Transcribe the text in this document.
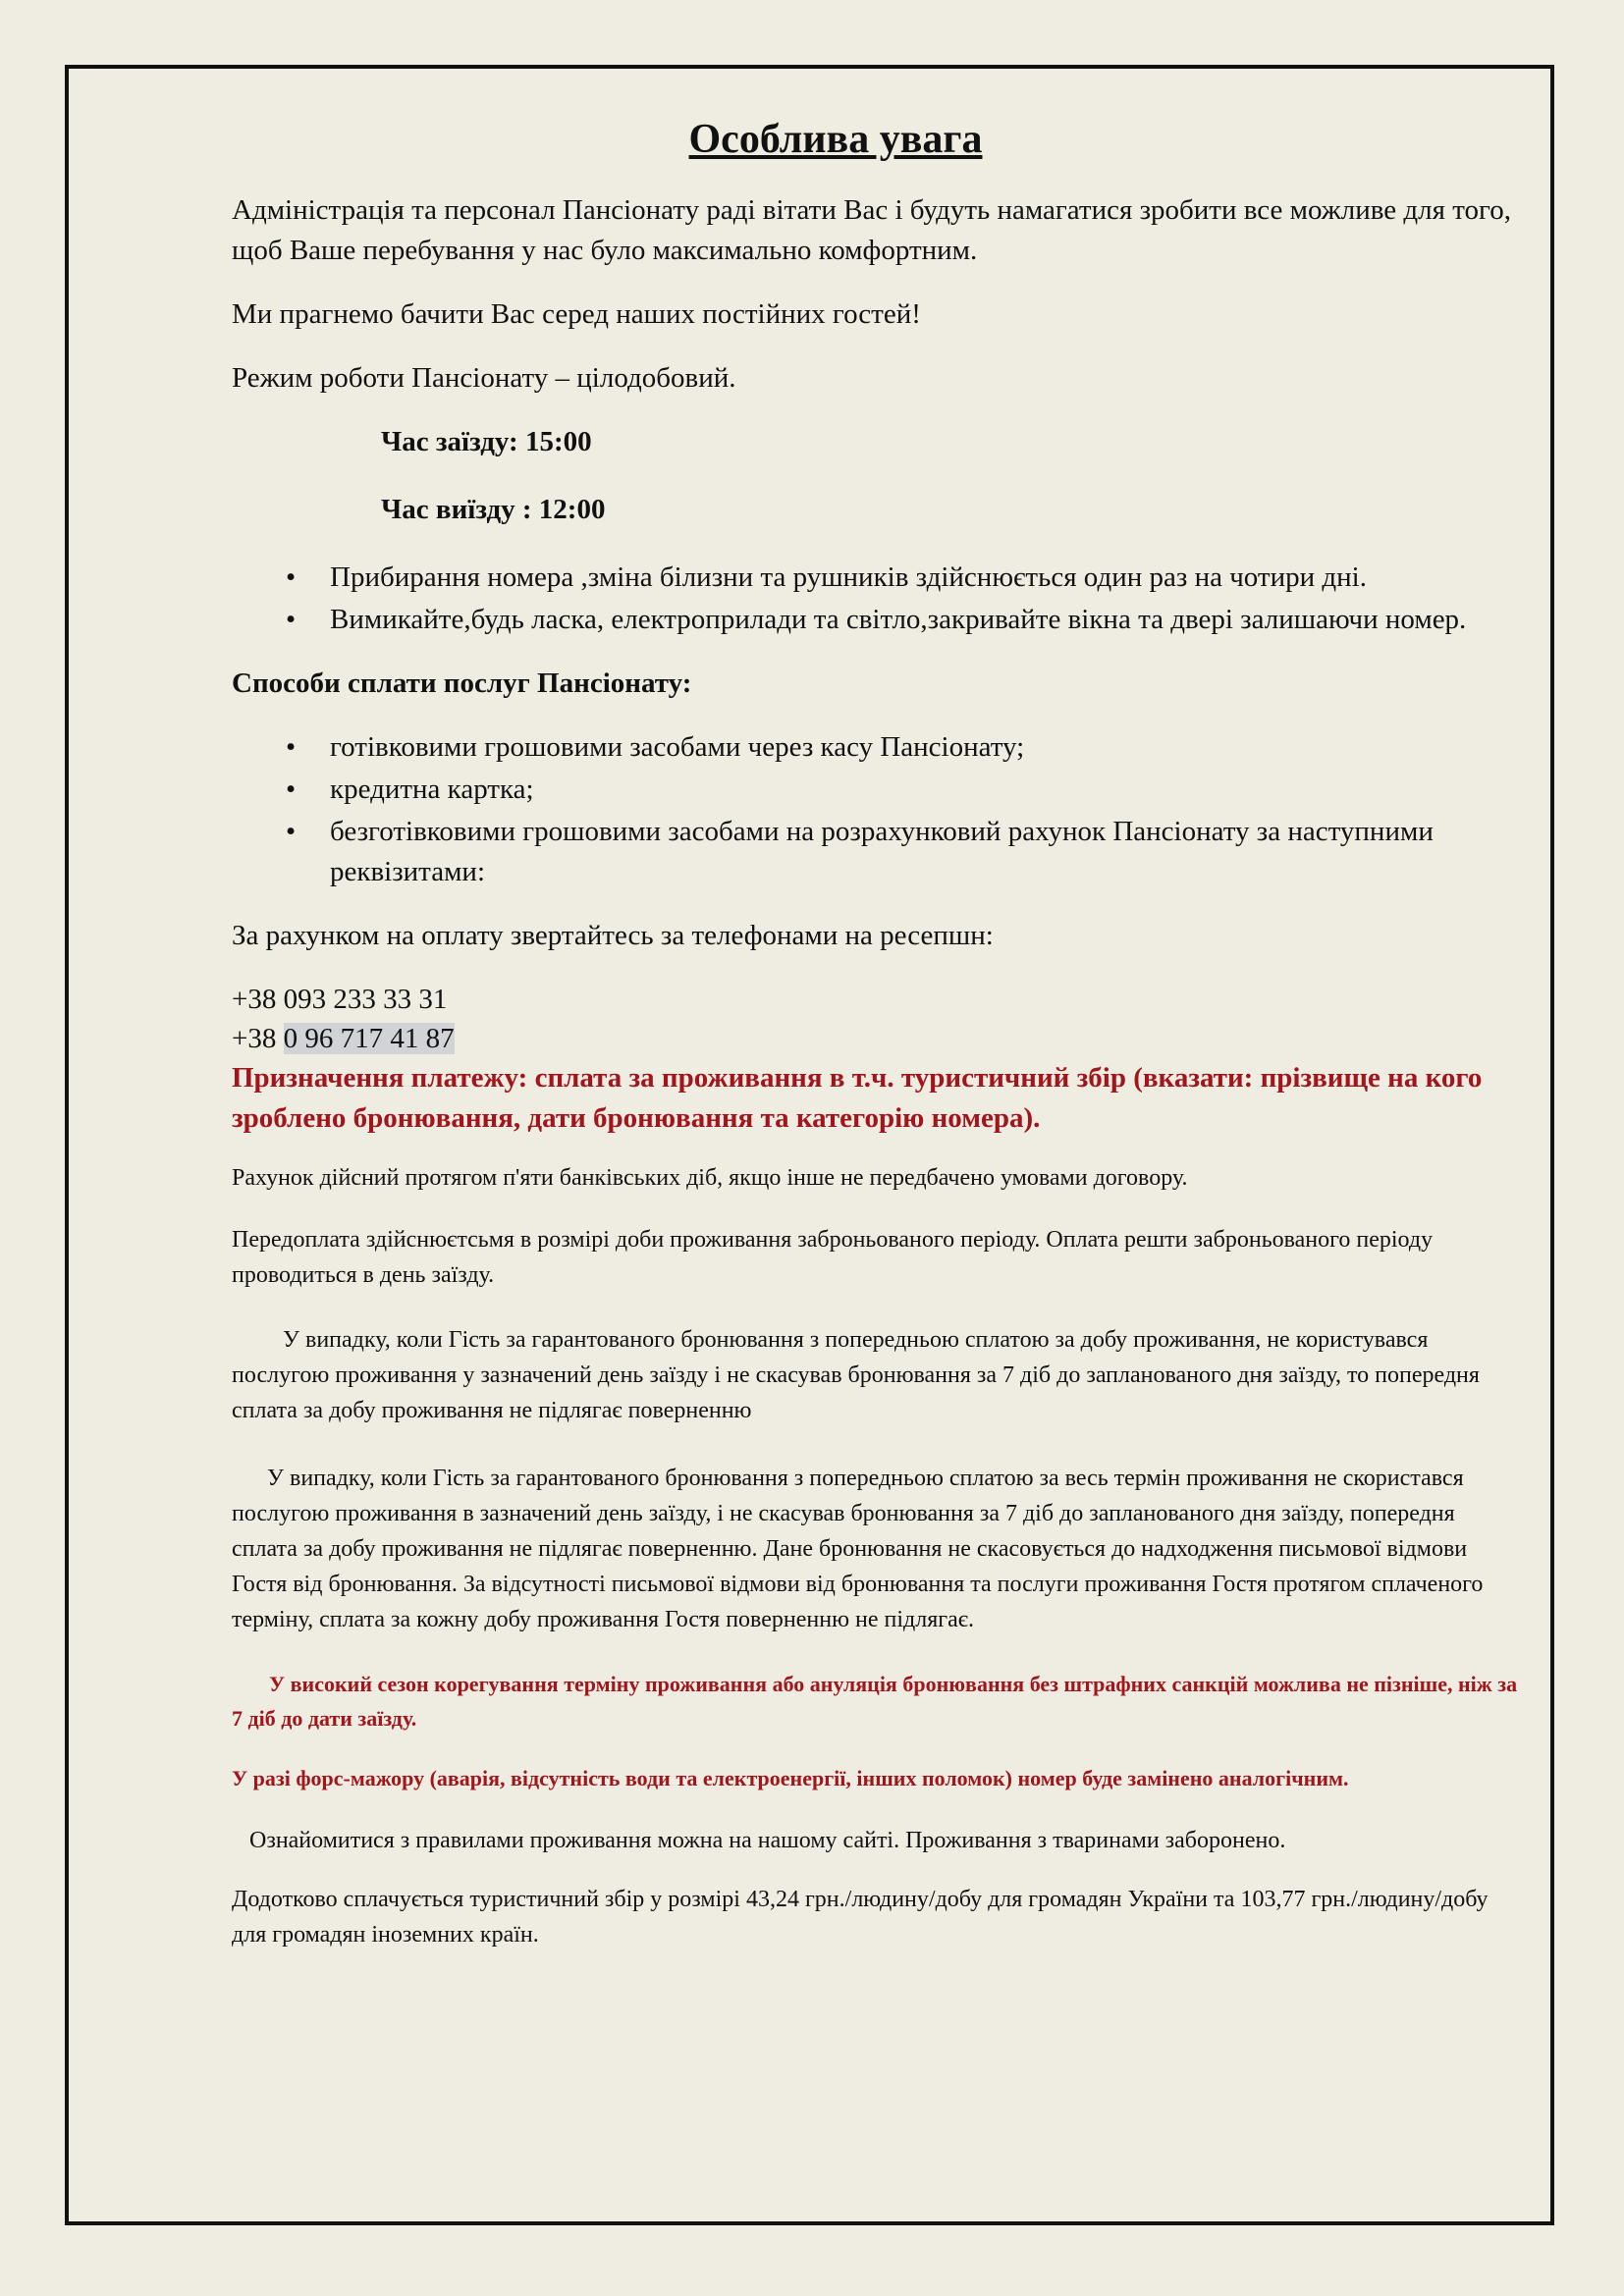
Особлива увага

Адміністрація та персонал Пансіонату раді вітати Вас і будуть намагатися зробити все можливе для того, щоб Ваше перебування у нас було максимально комфортним.

Ми прагнемо бачити Вас серед наших постійних гостей!

Режим роботи Пансіонату – цілодобовий.

Час заїзду: 15:00

Час виїзду : 12:00

• Прибирання номера ,зміна білизни та рушників здійснюється один раз на чотири дні.
• Вимикайте,будь ласка, електроприлади та світло,закривайте вікна та двері залишаючи номер.

Способи сплати послуг Пансіонату:

• готівковими грошовими засобами через касу Пансіонату;
• кредитна картка;
• безготівковими грошовими засобами на розрахунковий рахунок Пансіонату за наступними реквізитами:

За рахунком на оплату звертайтесь за телефонами на ресепшн:

+38 093 233 33 31

+38 0 96 717 41 87

Призначення платежу: сплата за проживання в т.ч. туристичний збір (вказати: прізвище на кого зроблено бронювання, дати бронювання та категорію номера).

Рахунок дійсний протягом п'яти банківських діб, якщо інше не передбачено умовами договору.

Передоплата здійснюєтсьмя в розмірі доби проживання заброньованого періоду. Оплата решти заброньованого періоду проводиться в день заїзду.

У випадку, коли Гість за гарантованого бронювання з попередньою сплатою за добу проживання, не користувався послугою проживання у зазначений день заїзду і не скасував бронювання за 7 діб до запланованого дня заїзду, то попередня сплата за добу проживання не підлягає поверненню

У випадку, коли Гість за гарантованого бронювання з попередньою сплатою за весь термін проживання не скористався послугою проживання в зазначений день заїзду, і не скасував бронювання за 7 діб до запланованого дня заїзду, попередня сплата за добу проживання не підлягає поверненню. Дане бронювання не скасовується до надходження письмової відмови Гостя від бронювання. За відсутності письмової відмови від бронювання та послуги проживання Гостя протягом сплаченого терміну, сплата за кожну добу проживання Гостя поверненню не підлягає.

У високий сезон корегування терміну проживання або ануляція бронювання без штрафних санкцій можлива не пізніше, ніж за 7 діб до дати заїзду.

У разі форс-мажору (аварія, відсутність води та електроенергії, інших поломок) номер буде замінено аналогічним.

Ознайомитися з правилами проживання можна на нашому сайті. Проживання з тваринами заборонено.

Додотково сплачується туристичний збір у розмірі 43,24 грн./людину/добу для громадян України та 103,77 грн./людину/добу для громадян іноземних країн.
